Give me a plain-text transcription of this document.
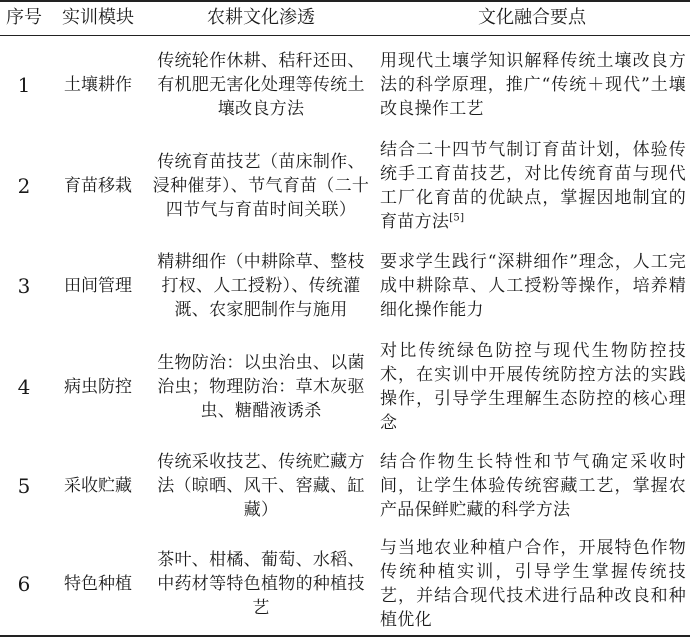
序号	实训模块	农耕文化渗透	文化融合要点
1	土壤耕作	传统轮作休耕、秸秆还田、有机肥无害化处理等传统土壤改良方法	用现代土壤学知识解释传统土壤改良方法的科学原理，推广“传统＋现代”土壤改良操作工艺
2	育苗移栽	传统育苗技艺（苗床制作、浸种催芽）、节气育苗（二十四节气与育苗时间关联）	结合二十四节气制订育苗计划，体验传统手工育苗技艺，对比传统育苗与现代工厂化育苗的优缺点，掌握因地制宜的育苗方法[5]
3	田间管理	精耕细作（中耕除草、整枝打杈、人工授粉）、传统灌溉、农家肥制作与施用	要求学生践行“深耕细作”理念，人工完成中耕除草、人工授粉等操作，培养精细化操作能力
4	病虫防控	生物防治：以虫治虫、以菌治虫；物理防治：草木灰驱虫、糖醋液诱杀	对比传统绿色防控与现代生物防控技术，在实训中开展传统防控方法的实践操作，引导学生理解生态防控的核心理念
5	采收贮藏	传统采收技艺、传统贮藏方法（晾晒、风干、窖藏、缸藏）	结合作物生长特性和节气确定采收时间，让学生体验传统窖藏工艺，掌握农产品保鲜贮藏的科学方法
6	特色种植	茶叶、柑橘、葡萄、水稻、中药材等特色植物的种植技艺	与当地农业种植户合作，开展特色作物传统种植实训，引导学生掌握传统技艺，并结合现代技术进行品种改良和种植优化
